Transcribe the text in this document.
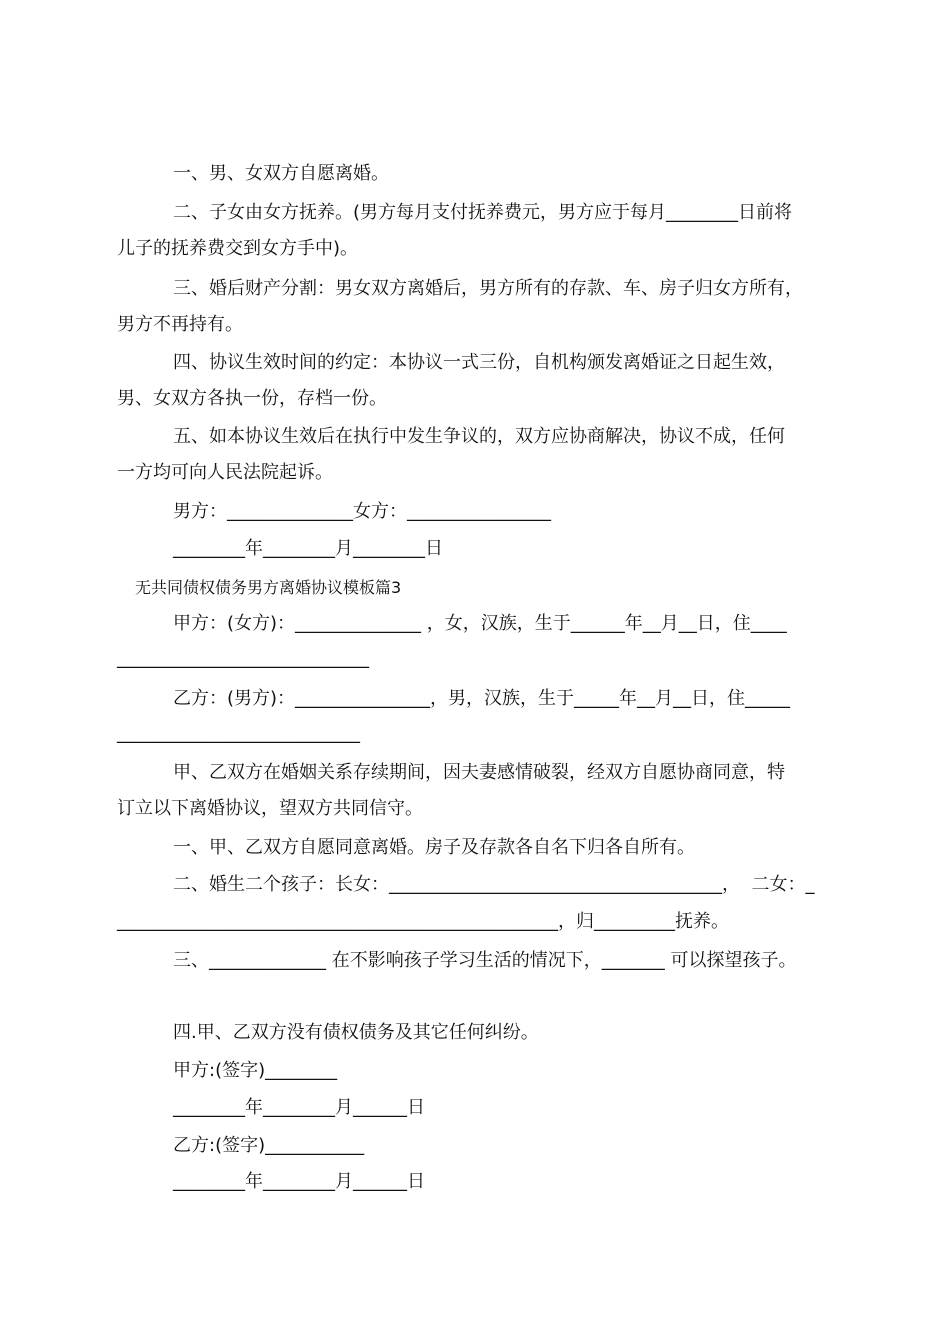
一、男、女双方自愿离婚。

二、子女由女方抚养。(男方每月支付抚养费元，男方应于每月________日前将

儿子的抚养费交到女方手中)。

三、婚后财产分割：男女双方离婚后，男方所有的存款、车、房子归女方所有，

男方不再持有。

四、协议生效时间的约定：本协议一式三份，自机构颁发离婚证之日起生效，

男、女双方各执一份，存档一份。

五、如本协议生效后在执行中发生争议的，双方应协商解决，协议不成，任何

一方均可向人民法院起诉。

男方：______________女方：________________

________年________月________日

无共同债权债务男方离婚协议模板篇3

甲方：(女方)：______________ ，女，汉族，生于______年__月__日，住____

____________________________

乙方：(男方)：_______________，男，汉族，生于_____年__月__日，住_____

___________________________

甲、乙双方在婚姻关系存续期间，因夫妻感情破裂，经双方自愿协商同意，特

订立以下离婚协议，望双方共同信守。

一、甲、乙双方自愿同意离婚。房子及存款各自名下归各自所有。

二、婚生二个孩子：长女：_____________________________________，  二女：_

_________________________________________________，归_________抚养。

三、_____________ 在不影响孩子学习生活的情况下，_______ 可以探望孩子。

四.甲、乙双方没有债权债务及其它任何纠纷。

甲方:(签字)________

________年________月______日

乙方:(签字)___________

________年________月______日
